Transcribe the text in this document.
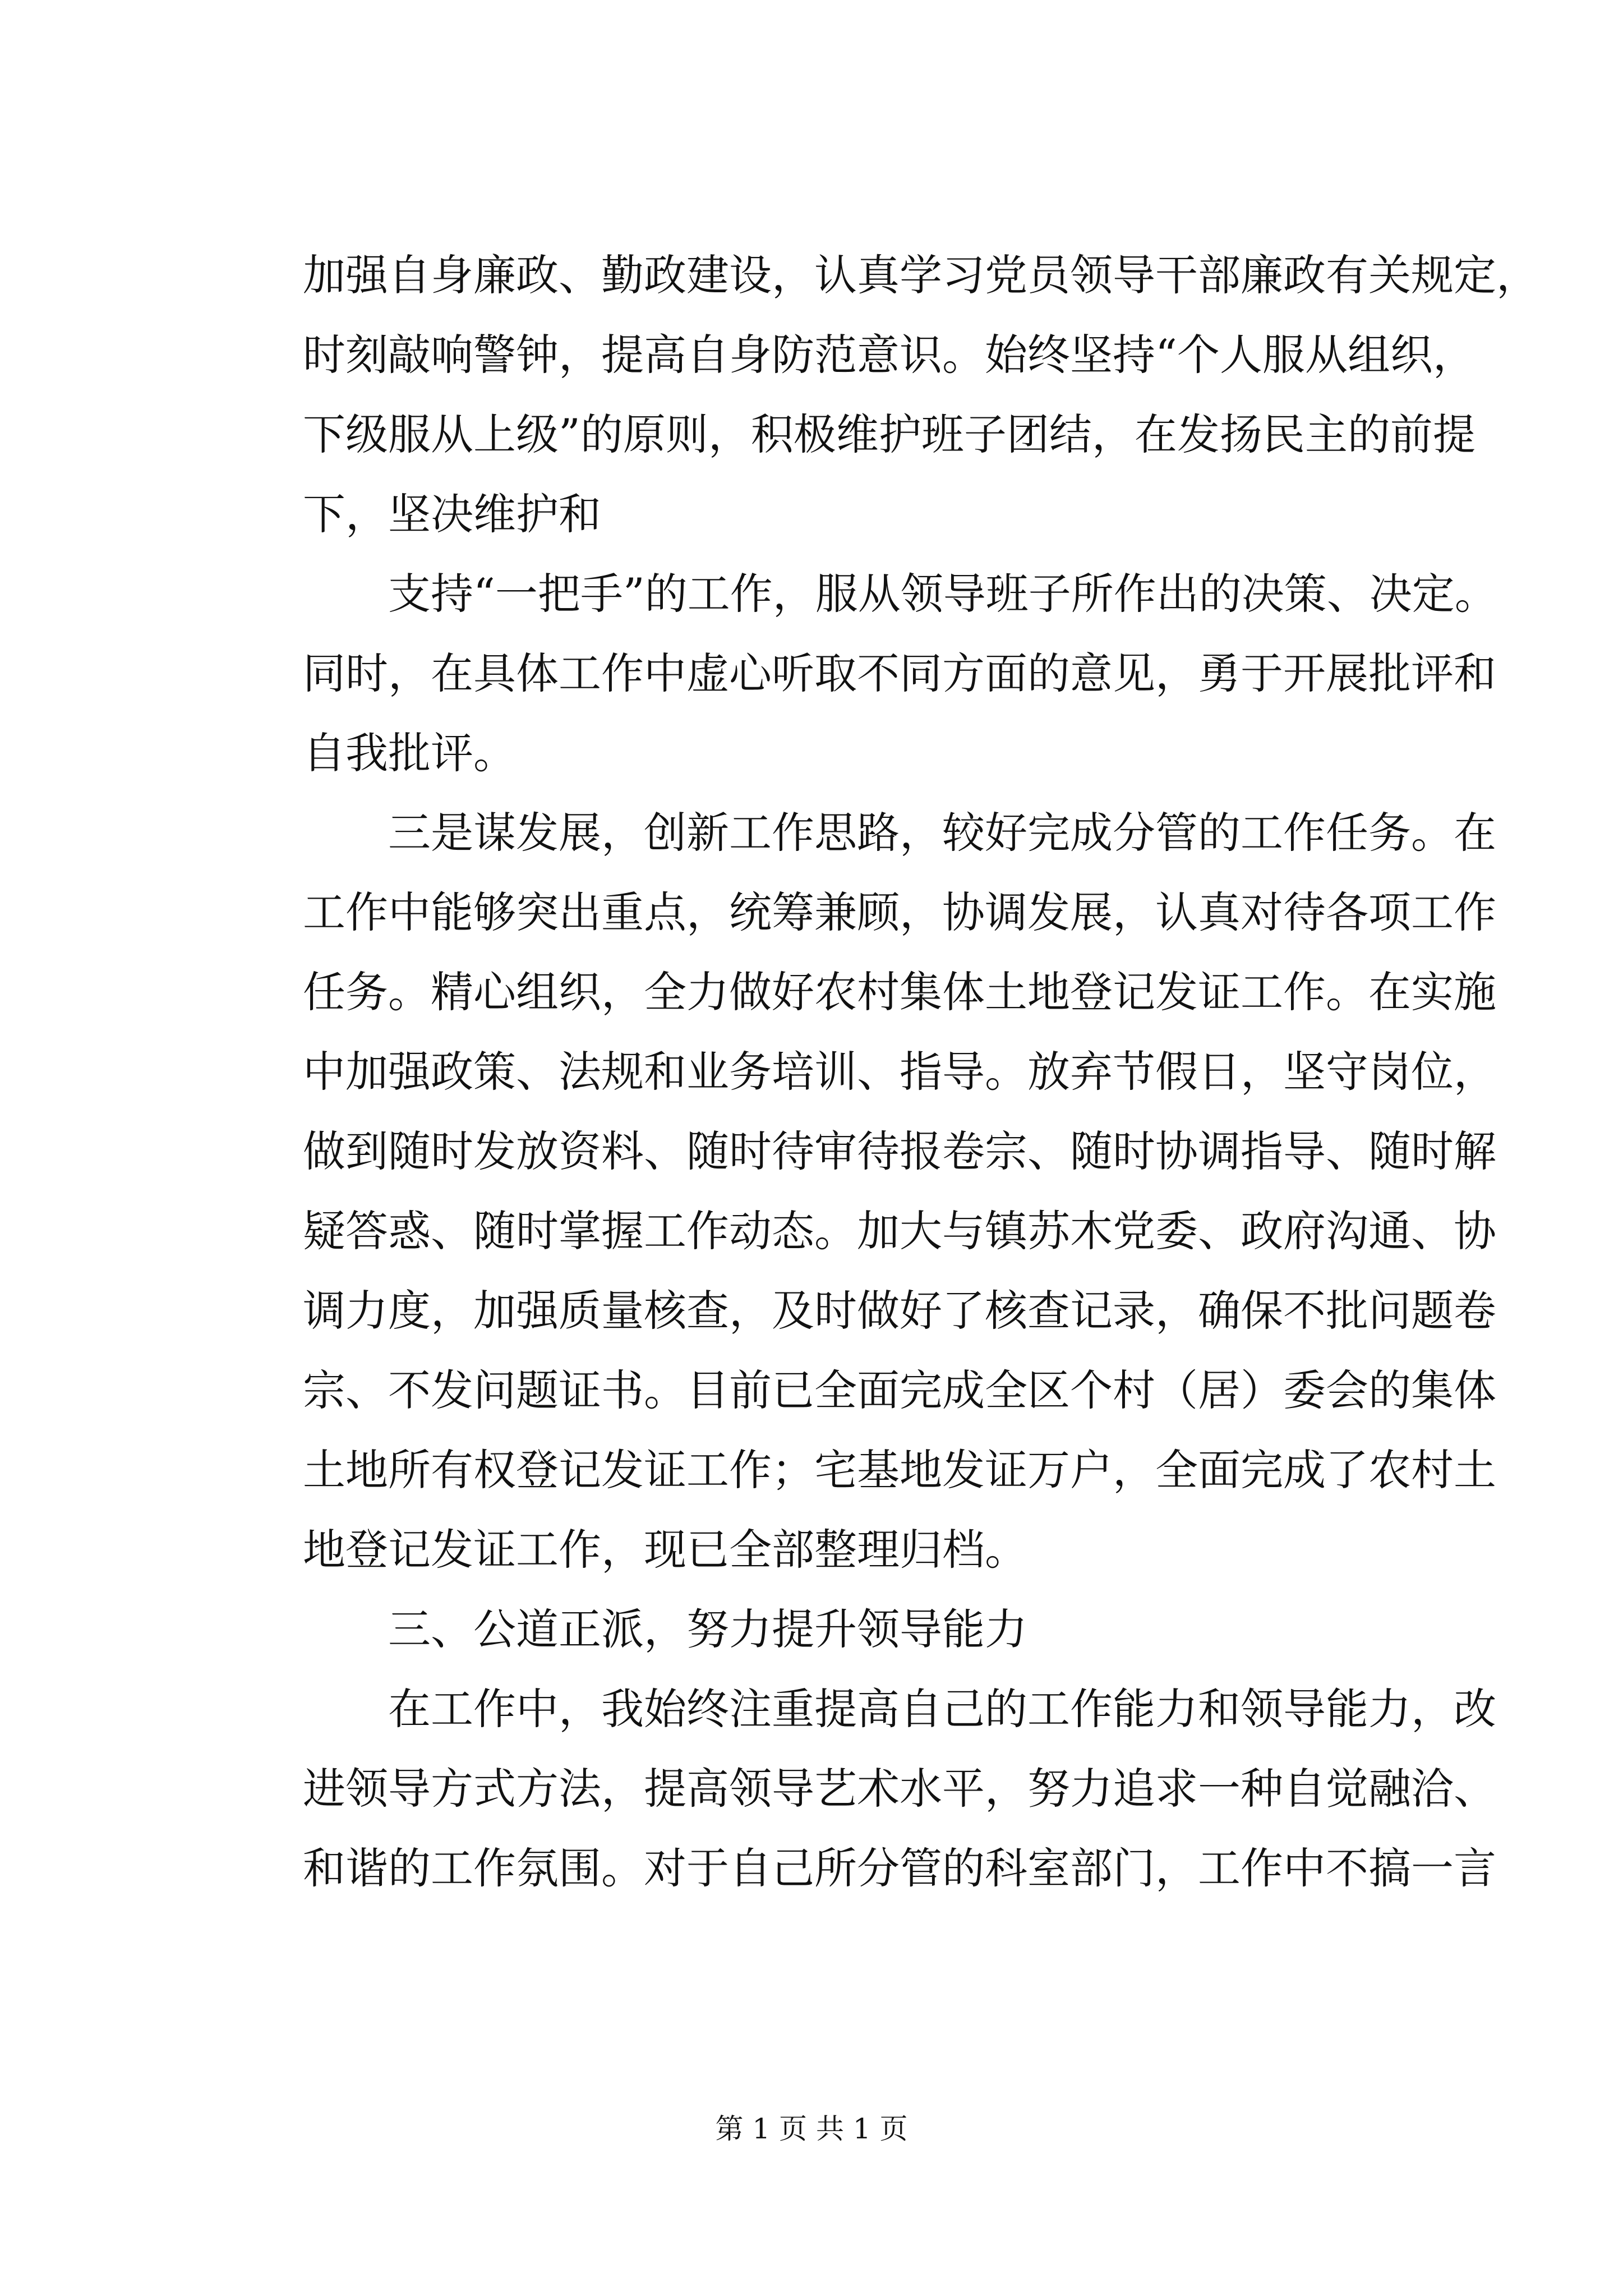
加强自身廉政、勤政建设，认真学习党员领导干部廉政有关规定，
时刻敲响警钟，提高自身防范意识。始终坚持“个人服从组织，
下级服从上级”的原则，积极维护班子团结，在发扬民主的前提
下，坚决维护和
支持“一把手”的工作，服从领导班子所作出的决策、决定。
同时，在具体工作中虚心听取不同方面的意见，勇于开展批评和
自我批评。
三是谋发展，创新工作思路，较好完成分管的工作任务。在
工作中能够突出重点，统筹兼顾，协调发展，认真对待各项工作
任务。精心组织，全力做好农村集体土地登记发证工作。在实施
中加强政策、法规和业务培训、指导。放弃节假日，坚守岗位，
做到随时发放资料、随时待审待报卷宗、随时协调指导、随时解
疑答惑、随时掌握工作动态。加大与镇苏木党委、政府沟通、协
调力度，加强质量核查，及时做好了核查记录，确保不批问题卷
宗、不发问题证书。目前已全面完成全区个村（居）委会的集体
土地所有权登记发证工作；宅基地发证万户，全面完成了农村土
地登记发证工作，现已全部整理归档。
三、公道正派，努力提升领导能力
在工作中，我始终注重提高自己的工作能力和领导能力，改
进领导方式方法，提高领导艺术水平，努力追求一种自觉融洽、
和谐的工作氛围。对于自己所分管的科室部门，工作中不搞一言
第 1 页 共 1 页
